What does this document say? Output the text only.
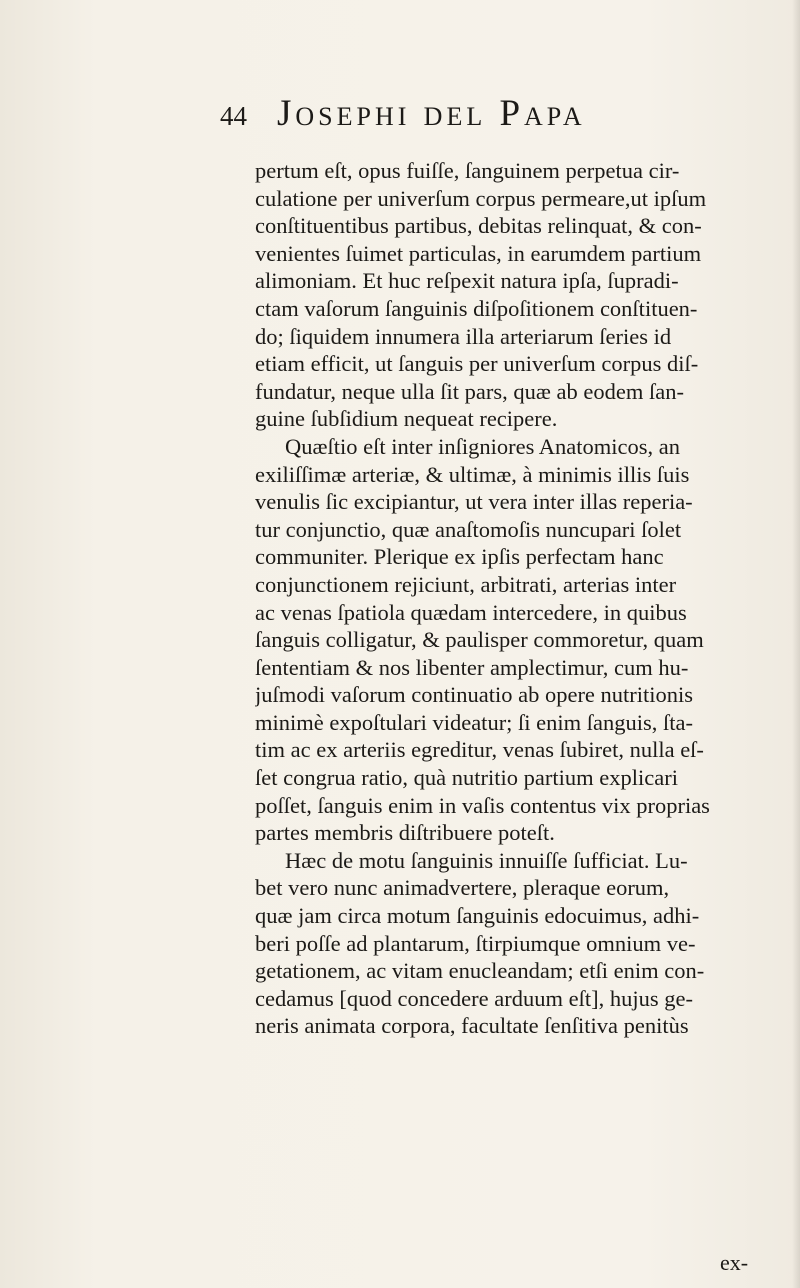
44 Josephi del Papa
pertum eſt, opus fuiſſe, ſanguinem perpetua cir-
culatione per univerſum corpus permeare,ut ipſum
conſtituentibus partibus, debitas relinquat, & con-
venientes ſuimet particulas, in earumdem partium
alimoniam. Et huc reſpexit natura ipſa, ſupradi-
ctam vaſorum ſanguinis diſpoſitionem conſtituen-
do; ſiquidem innumera illa arteriarum ſeries id
etiam efficit, ut ſanguis per univerſum corpus diſ-
fundatur, neque ulla ſit pars, quæ ab eodem ſan-
guine ſubſidium nequeat recipere.
Quæſtio eſt inter inſigniores Anatomicos, an
exiliſſimæ arteriæ, & ultimæ, à minimis illis ſuis
venulis ſic excipiantur, ut vera inter illas reperia-
tur conjunctio, quæ anaſtomoſis nuncupari ſolet
communiter. Plerique ex ipſis perfectam hanc
conjunctionem rejiciunt, arbitrati, arterias inter
ac venas ſpatiola quædam intercedere, in quibus
ſanguis colligatur, & paulisper commoretur, quam
ſententiam & nos libenter amplectimur, cum hu-
juſmodi vaſorum continuatio ab opere nutritionis
minimè expoſtulari videatur; ſi enim ſanguis, ſta-
tim ac ex arteriis egreditur, venas ſubiret, nulla eſ-
ſet congrua ratio, quà nutritio partium explicari
poſſet, ſanguis enim in vaſis contentus vix proprias
partes membris diſtribuere poteſt.
Hæc de motu ſanguinis innuiſſe ſufficiat. Lu-
bet vero nunc animadvertere, pleraque eorum,
quæ jam circa motum ſanguinis edocuimus, adhi-
beri poſſe ad plantarum, ſtirpiumque omnium ve-
getationem, ac vitam enucleandam; etſi enim con-
cedamus [quod concedere arduum eſt], hujus ge-
neris animata corpora, facultate ſenſitiva penitùs
ex-
